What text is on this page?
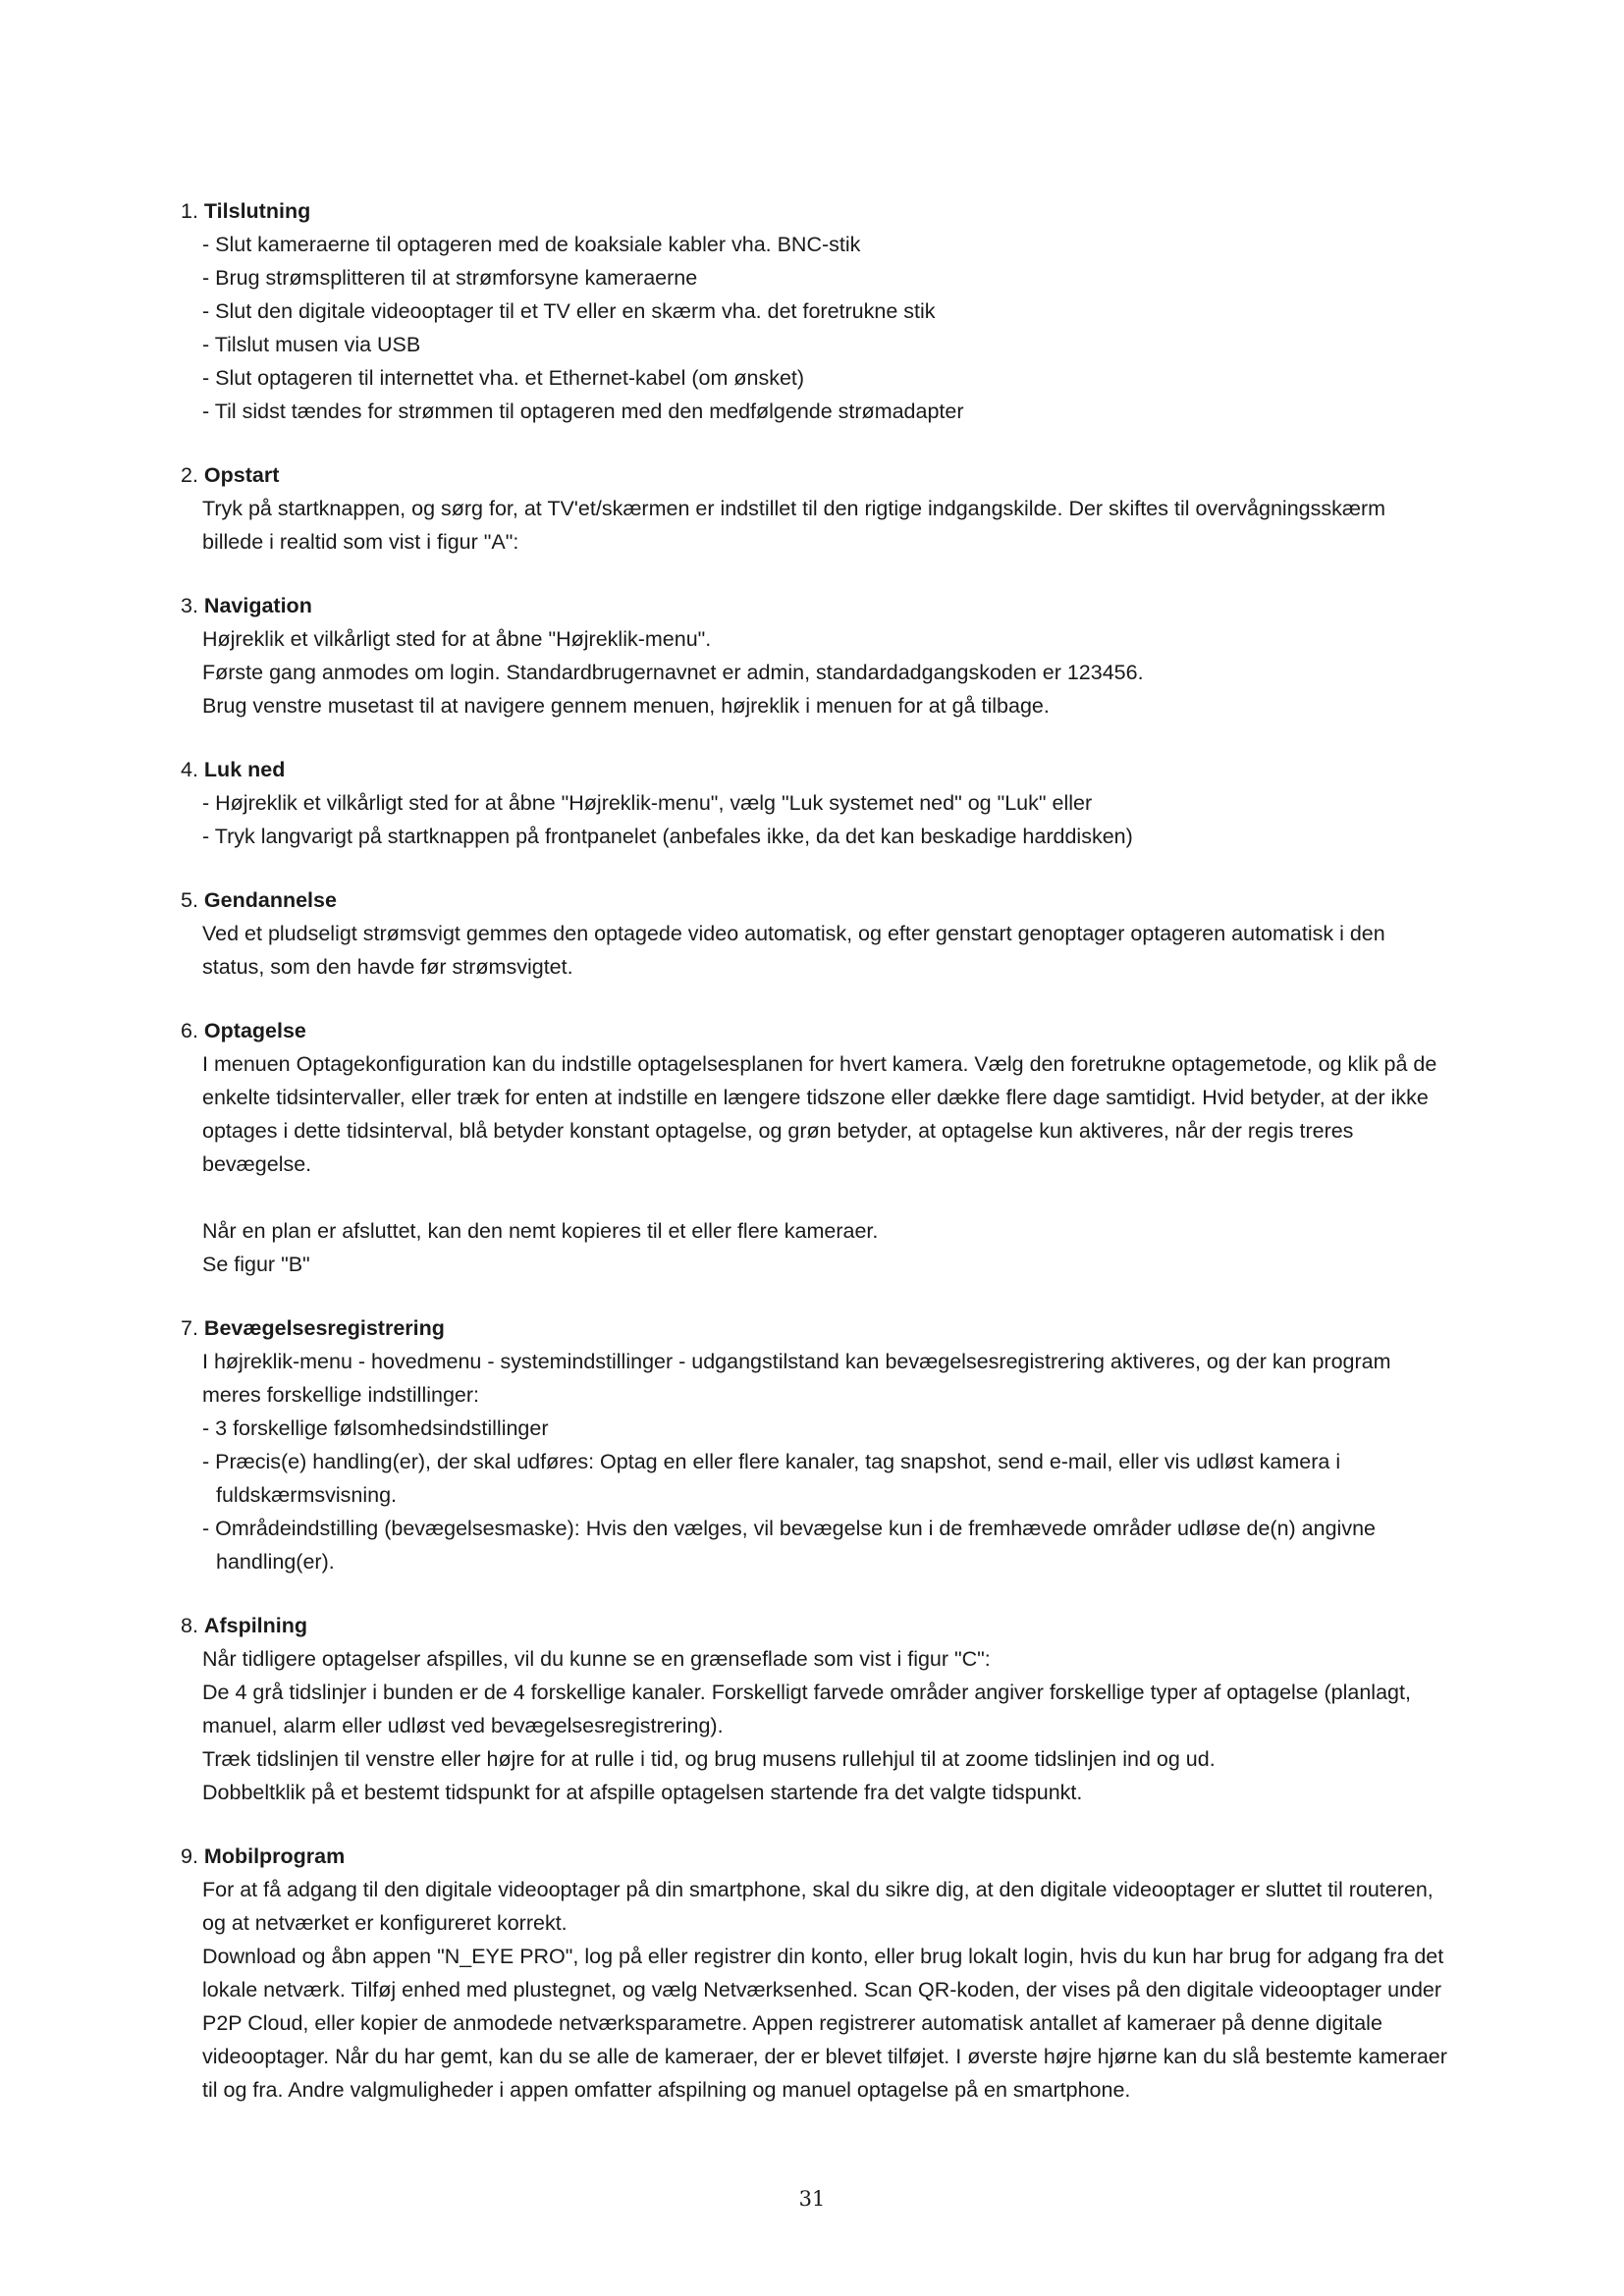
1. Tilslutning

- Slut kameraerne til optageren med de koaksiale kabler vha. BNC-stik

- Brug strømsplitteren til at strømforsyne kameraerne

- Slut den digitale videooptager til et TV eller en skærm vha. det foretrukne stik

- Tilslut musen via USB

- Slut optageren til internettet vha. et Ethernet-kabel (om ønsket)

- Til sidst tændes for strømmen til optageren med den medfølgende strømadapter

2. Opstart

Tryk på startknappen, og sørg for, at TV'et/skærmen er indstillet til den rigtige indgangskilde. Der skiftes til overvågningsskærm billede i realtid som vist i figur "A":

3. Navigation

Højreklik et vilkårligt sted for at åbne "Højreklik-menu".

Første gang anmodes om login. Standardbrugernavnet er admin, standardadgangskoden er 123456.

Brug venstre musetast til at navigere gennem menuen, højreklik i menuen for at gå tilbage.

4. Luk ned

- Højreklik et vilkårligt sted for at åbne "Højreklik-menu", vælg "Luk systemet ned" og "Luk" eller

- Tryk langvarigt på startknappen på frontpanelet (anbefales ikke, da det kan beskadige harddisken)

5. Gendannelse

Ved et pludseligt strømsvigt gemmes den optagede video automatisk, og efter genstart genoptager optageren automatisk i den status, som den havde før strømsvigtet.

6. Optagelse

I menuen Optagekonfiguration kan du indstille optagelsesplanen for hvert kamera. Vælg den foretrukne optagemetode, og klik på de enkelte tidsintervaller, eller træk for enten at indstille en længere tidszone eller dække flere dage samtidigt. Hvid betyder, at der ikke optages i dette tidsinterval, blå betyder konstant optagelse, og grøn betyder, at optagelse kun aktiveres, når der regis treres bevægelse.

Når en plan er afsluttet, kan den nemt kopieres til et eller flere kameraer.

Se figur "B"

7. Bevægelsesregistrering

I højreklik-menu - hovedmenu - systemindstillinger - udgangstilstand kan bevægelsesregistrering aktiveres, og der kan program meres forskellige indstillinger:

- 3 forskellige følsomhedsindstillinger

- Præcis(e) handling(er), der skal udføres: Optag en eller flere kanaler, tag snapshot, send e-mail, eller vis udløst kamera i fuldskærmsvisning.

- Områdeindstilling (bevægelsesmaske): Hvis den vælges, vil bevægelse kun i de fremhævede områder udløse de(n) angivne handling(er).

8. Afspilning

Når tidligere optagelser afspilles, vil du kunne se en grænseflade som vist i figur "C":

De 4 grå tidslinjer i bunden er de 4 forskellige kanaler. Forskelligt farvede områder angiver forskellige typer af optagelse (planlagt, manuel, alarm eller udløst ved bevægelsesregistrering).

Træk tidslinjen til venstre eller højre for at rulle i tid, og brug musens rullehjul til at zoome tidslinjen ind og ud.

Dobbeltklik på et bestemt tidspunkt for at afspille optagelsen startende fra det valgte tidspunkt.

9. Mobilprogram

For at få adgang til den digitale videooptager på din smartphone, skal du sikre dig, at den digitale videooptager er sluttet til routeren, og at netværket er konfigureret korrekt.

Download og åbn appen "N_EYE PRO", log på eller registrer din konto, eller brug lokalt login, hvis du kun har brug for adgang fra det lokale netværk. Tilføj enhed med plustegnet, og vælg Netværksenhed. Scan QR-koden, der vises på den digitale videooptager under P2P Cloud, eller kopier de anmodede netværksparametre. Appen registrerer automatisk antallet af kameraer på denne digitale videooptager. Når du har gemt, kan du se alle de kameraer, der er blevet tilføjet. I øverste højre hjørne kan du slå bestemte kameraer til og fra. Andre valgmuligheder i appen omfatter afspilning og manuel optagelse på en smartphone.

31
